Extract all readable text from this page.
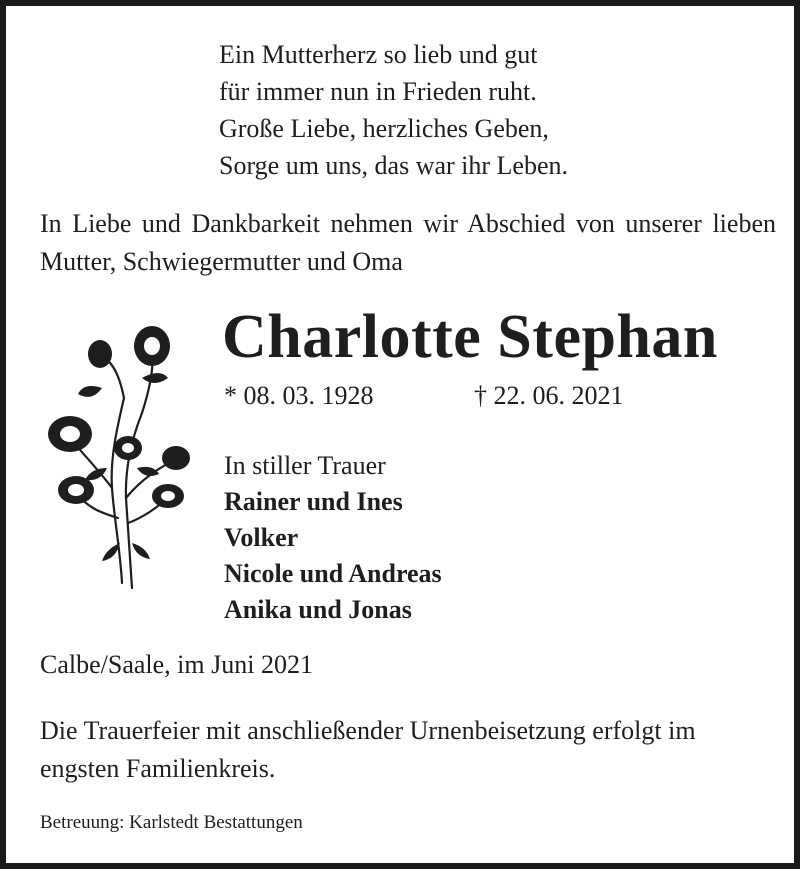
Ein Mutterherz so lieb und gut
für immer nun in Frieden ruht.
Große Liebe, herzliches Geben,
Sorge um uns, das war ihr Leben.
In Liebe und Dankbarkeit nehmen wir Abschied von unserer lieben Mutter, Schwiegermutter und Oma
Charlotte Stephan
* 08. 03. 1928	† 22. 06. 2021
In stiller Trauer
Rainer und Ines
Volker
Nicole und Andreas
Anika und Jonas
Calbe/Saale, im Juni 2021
Die Trauerfeier mit anschließender Urnenbeisetzung erfolgt im engsten Familienkreis.
Betreuung: Karlstedt Bestattungen
